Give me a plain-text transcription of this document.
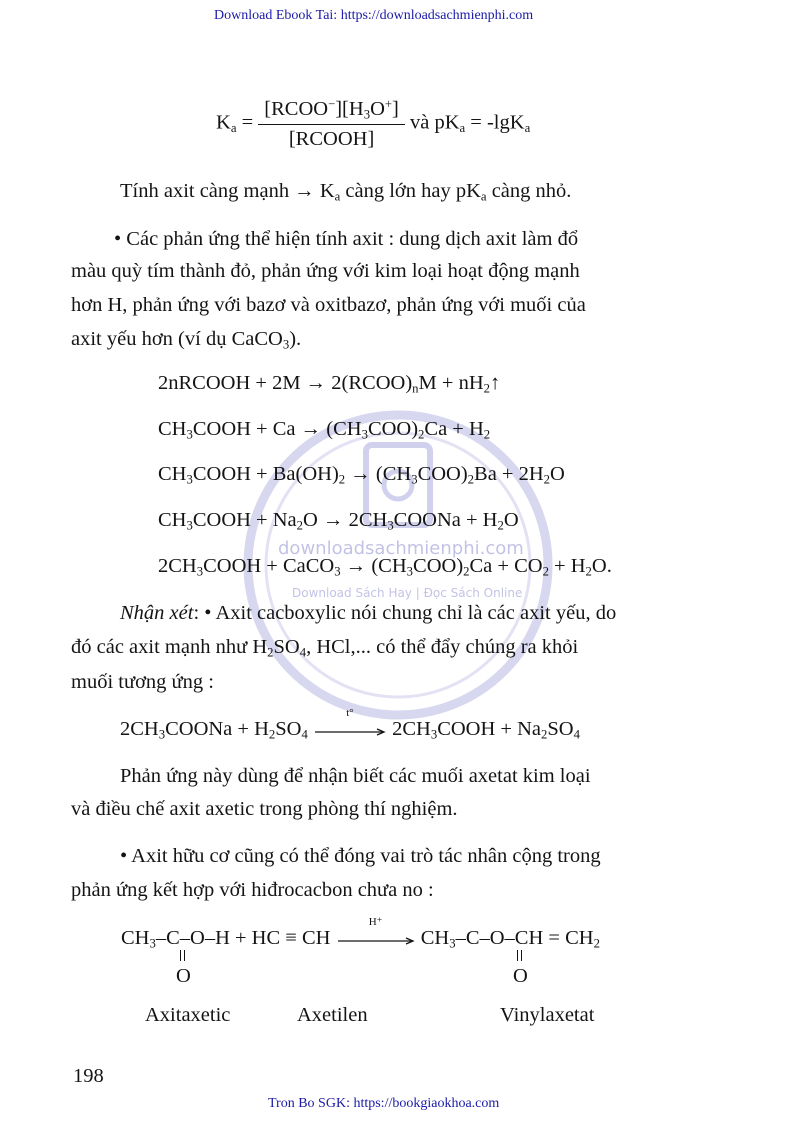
Download Ebook Tai: https://downloadsachmienphi.com
Tron Bo SGK: https://bookgiaokhoa.com
downloadsachmienphi.com
Download Sách Hay | Đọc Sách Online
$K_a = \frac{[RCOO^-][H_3O^+]}{\text{[RCOOH]}}$ và $pK_a = -\lg K_a$
Tính axit càng mạnh → $K_a$ càng lớn hay $pK_a$ càng nhỏ.
• Các phản ứng thể hiện tính axit : dung dịch axit làm đổ
màu quỳ tím thành đỏ, phản ứng với kim loại hoạt động mạnh
hơn H, phản ứng với bazơ và oxitbazơ, phản ứng với muối của
axit yếu hơn (ví dụ CaCO$_3$).
2nRCOOH + $2M \to 2(RCOO)_nM$ + $nH_2↑$
$CH_3COOH + Ca \to (CH_3COO)_2Ca + H_2$
$CH_3COOH + Ba(OH)_2 \to (CH_3COO)_2Ba + 2H_2O$
$CH_3COOH + Na_2O$ → $2CH_3COONa + H_2O$
$2CH_3COOH$ + CaCO$_3$ → $(CH_3COO)_2Ca + CO_2 + H_2O$.
Nhận xét: • Axit cacboxylic nói chung chỉ là các axit yếu, do
đó các axit mạnh như $H_2SO_4$, HCl,... có thể đẩy chúng ra khỏi
muối tương ứng :
$2CH_3COONa + H_2SO_4$
t°
$2CH_3COOH + Na_2SO_4$
Phản ứng này dùng để nhận biết các muối axetat kim loại
và điều chế axit axetic trong phòng thí nghiệm.
• Axit hữu cơ cũng có thể đóng vai trò tác nhân cộng trong
phản ứng kết hợp với hiđrocacbon chưa no :
$CH_3-C-O-H$ + HC ≡ CH
H⁺
$CH_3-C-O-CH = CH_2$
O	O
Axitaxetic	Axetilen	Vinylaxetat
198
